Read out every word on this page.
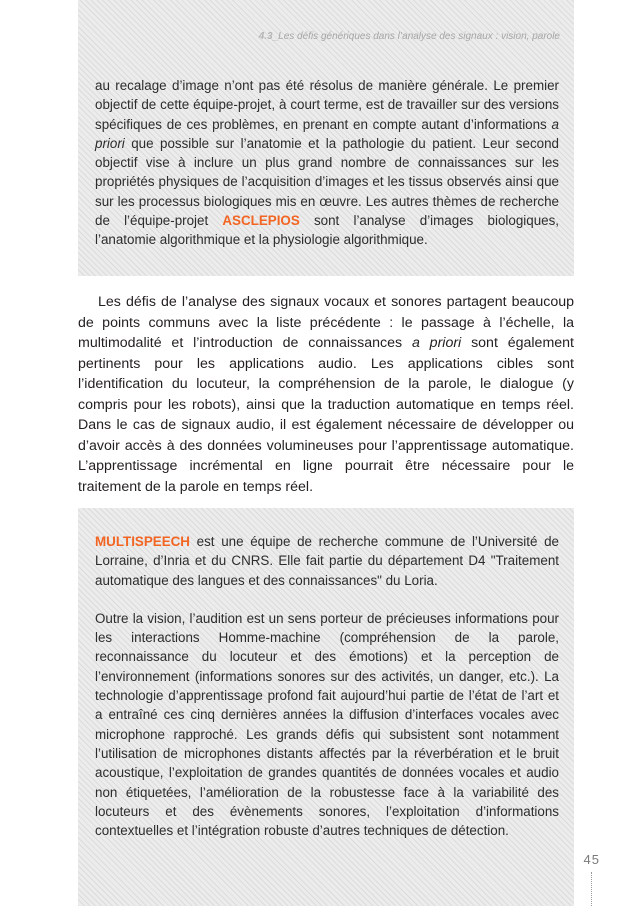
4.3_Les défis génériques dans l’analyse des signaux : vision, parole

au recalage d’image n’ont pas été résolus de manière générale. Le premier objectif de cette équipe-projet, à court terme, est de travailler sur des versions spécifiques de ces problèmes, en prenant en compte autant d’informations a priori que possible sur l’anatomie et la pathologie du patient. Leur second objectif vise à inclure un plus grand nombre de connaissances sur les propriétés physiques de l’acquisition d’images et les tissus observés ainsi que sur les processus biologiques mis en œuvre. Les autres thèmes de recherche de l’équipe-projet ASCLEPIOS sont l’analyse d’images biologiques, l’anatomie algorithmique et la physiologie algorithmique.

Les défis de l’analyse des signaux vocaux et sonores partagent beaucoup de points communs avec la liste précédente : le passage à l’échelle, la multimodalité et l’introduction de connaissances a priori sont également pertinents pour les applications audio. Les applications cibles sont l’identification du locuteur, la compréhension de la parole, le dialogue (y compris pour les robots), ainsi que la traduction automatique en temps réel. Dans le cas de signaux audio, il est également nécessaire de développer ou d’avoir accès à des données volumineuses pour l’apprentissage automatique. L’apprentissage incrémental en ligne pourrait être nécessaire pour le traitement de la parole en temps réel.

MULTISPEECH est une équipe de recherche commune de l’Université de Lorraine, d’Inria et du CNRS. Elle fait partie du département D4 "Traitement automatique des langues et des connaissances" du Loria.

Outre la vision, l’audition est un sens porteur de précieuses informations pour les interactions Homme-machine (compréhension de la parole, reconnaissance du locuteur et des émotions) et la perception de l’environnement (informations sonores sur des activités, un danger, etc.). La technologie d’apprentissage profond fait aujourd’hui partie de l’état de l’art et a entraîné ces cinq dernières années la diffusion d’interfaces vocales avec microphone rapproché. Les grands défis qui subsistent sont notamment l’utilisation de microphones distants affectés par la réverbération et le bruit acoustique, l’exploitation de grandes quantités de données vocales et audio non étiquetées, l’amélioration de la robustesse face à la variabilité des locuteurs et des évènements sonores, l’exploitation d’informations contextuelles et l’intégration robuste d’autres techniques de détection.

45
